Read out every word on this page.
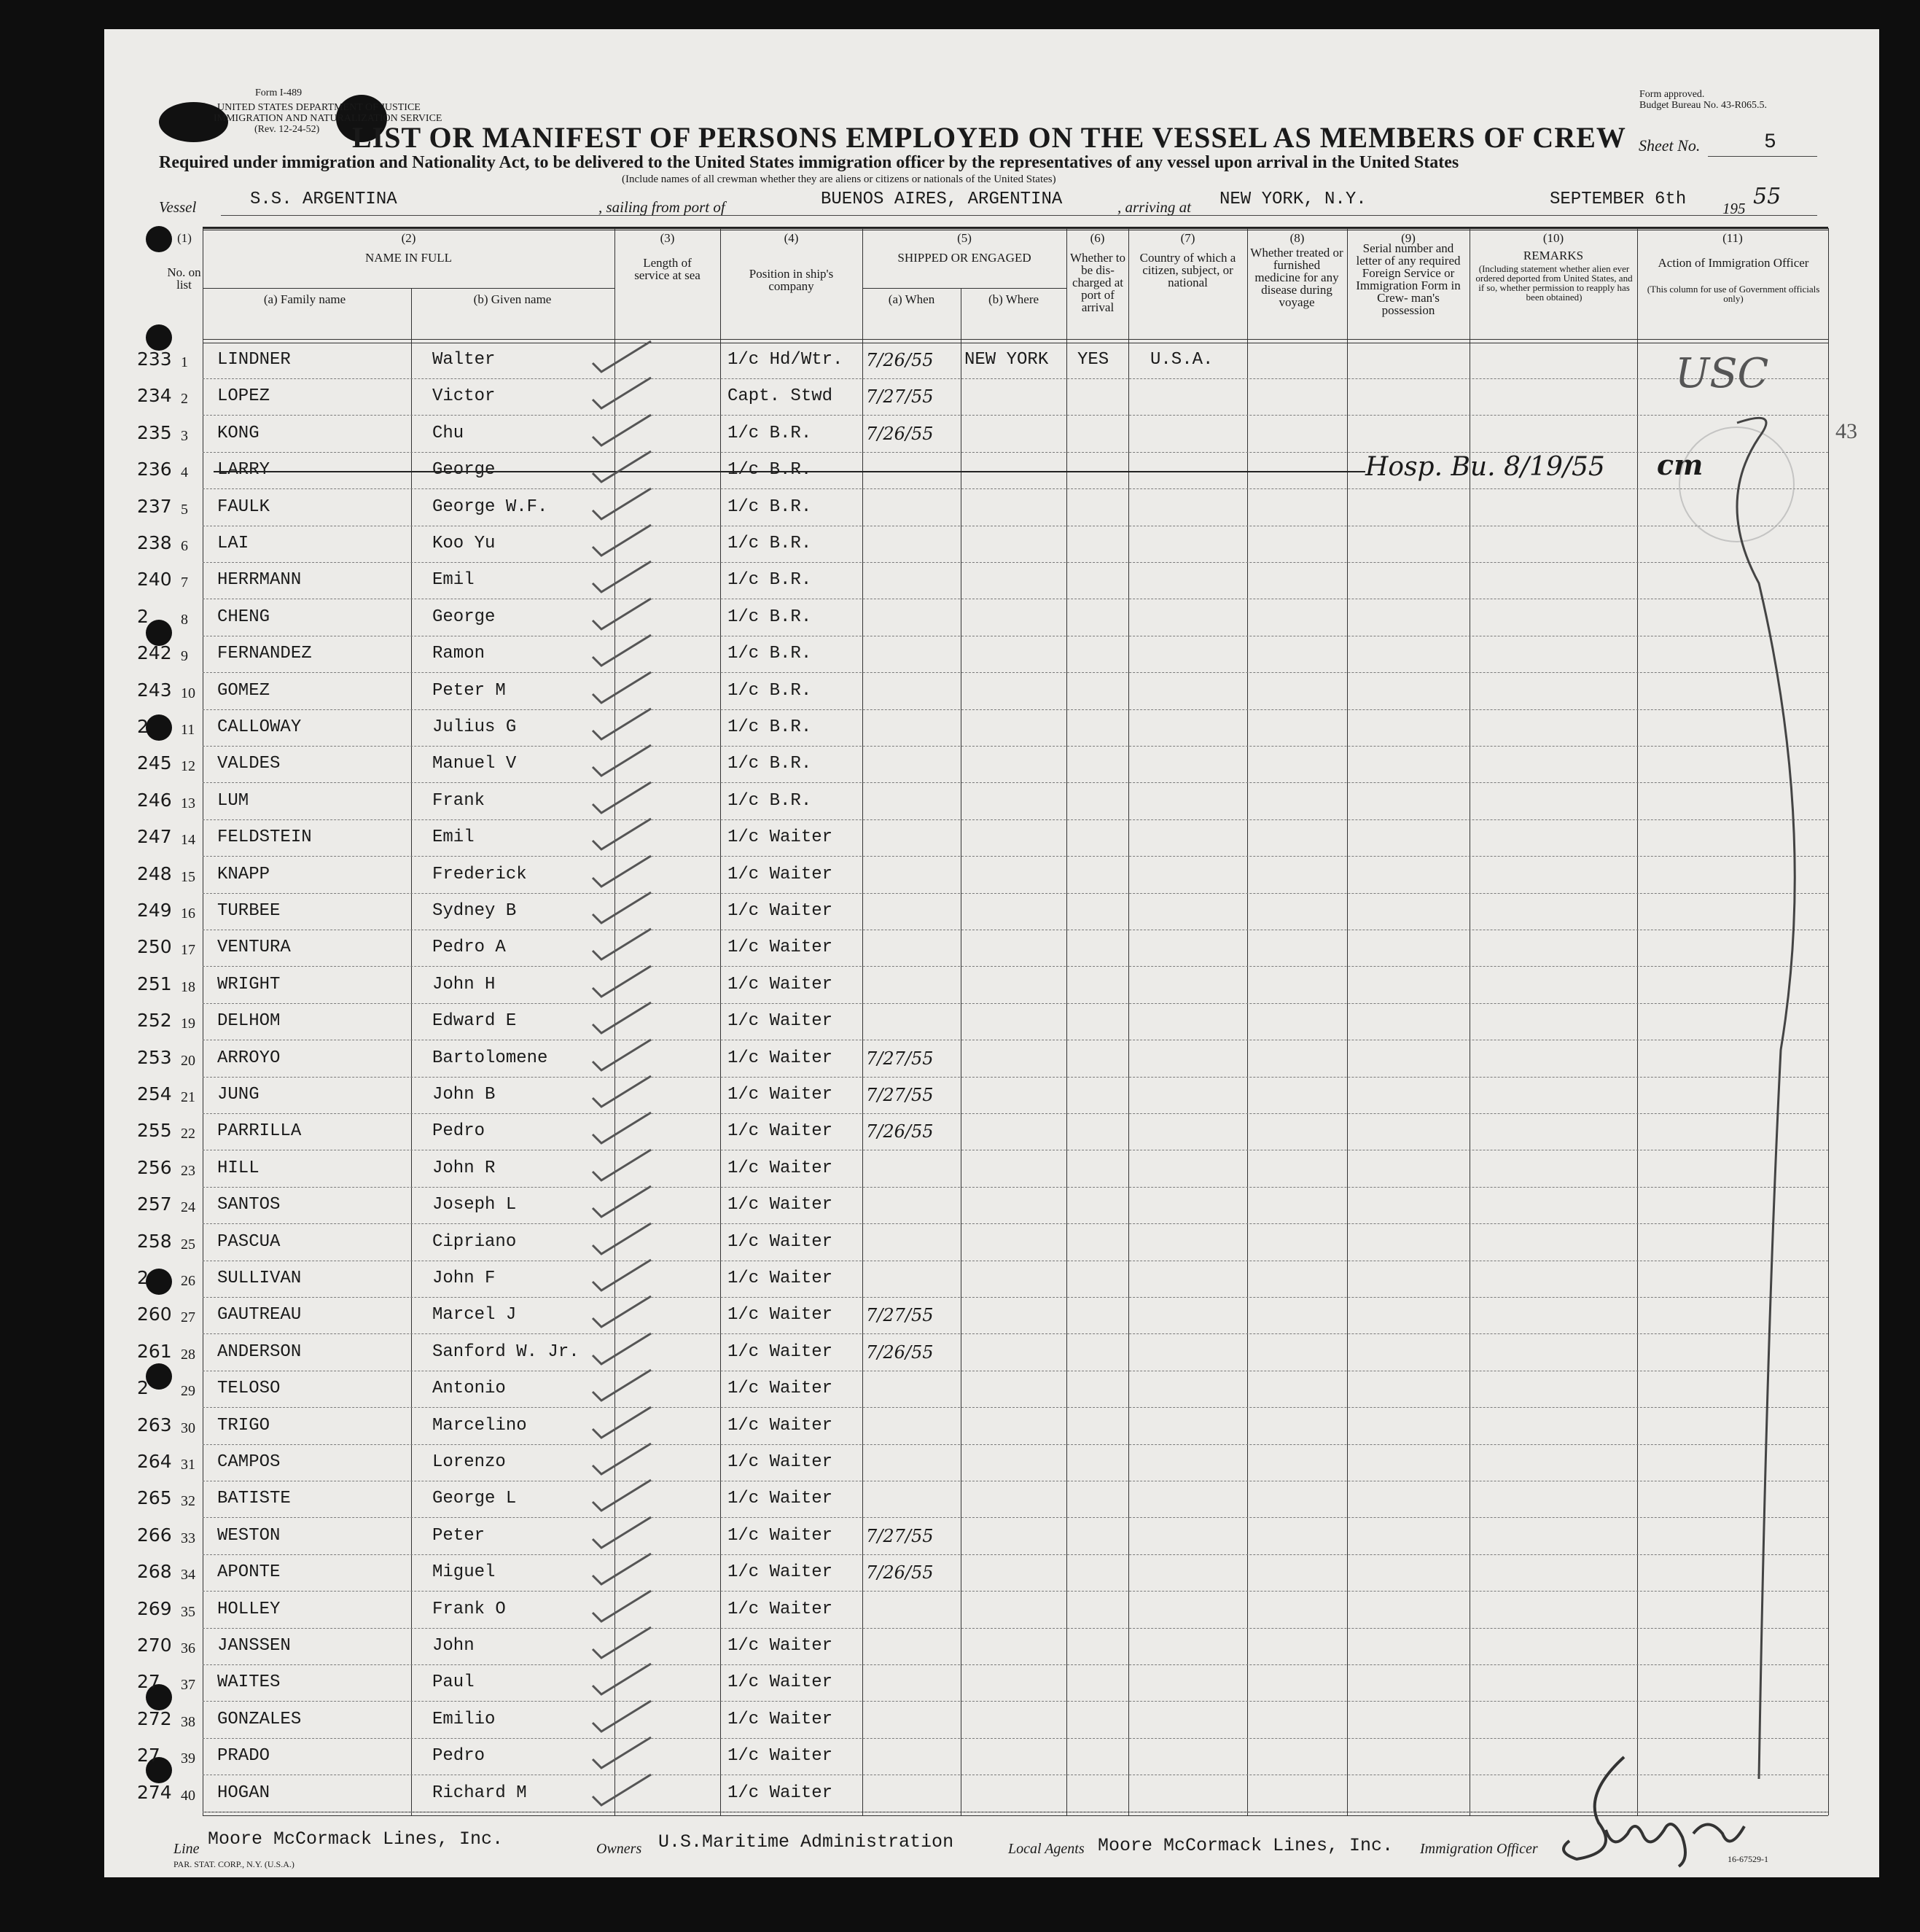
Form I-489
UNITED STATES DEPARTMENT OF JUSTICE
IMMIGRATION AND NATURALIZATION SERVICE
(Rev. 12-24-52)
Form approved.
Budget Bureau No. 43-R065.5.
LIST OR MANIFEST OF PERSONS EMPLOYED ON THE VESSEL AS MEMBERS OF CREW Sheet No.	5
Required under immigration and Nationality Act, to be delivered to the United States immigration officer by the representatives of any vessel upon arrival in the United States
(Include names of all crewman whether they are aliens or citizens or nationals of the United States)
Vessel	S.S. ARGENTINA	, sailing from port of	BUENOS AIRES, ARGENTINA	, arriving at NEW YORK, N.Y.	SEPTEMBER 6th 195 55
(1)
No. on list
(2)
NAME IN FULL
(a) Family name	(b) Given name
(3)
Length of service at sea
(4)
Position in ship's company
(5)
SHIPPED OR ENGAGED
(a) When	(b) Where
(6)
Whether to be dis- charged at port of arrival
(7)
Country of which a citizen, subject, or national
(8)
Whether treated or furnished medicine for any disease during voyage
(9)
Serial number and letter of any required Foreign Service or Immigration Form in Crew- man's possession
(10)
REMARKS
(Including statement whether alien ever ordered deported from United States, and if so, whether permission to reapply has been obtained)
(11)
Action of Immigration Officer
(This column for use of Government officials only)
233 1 LINDNER	Walter	1/c Hd/Wtr. 7/26/55 NEW YORK YES U.S.A.
234 2 LOPEZ	Victor	Capt. Stwd 7/27/55
235 3 KONG	Chu	1/c B.R.	7/26/55
236 4 LARRY	George	1/c B.R.
237 5 FAULK	George W.F.	1/c B.R.
238 6 LAI	Koo Yu	1/c B.R.
240 7 HERRMANN	Emil	1/c B.R.
2 8 CHENG	George	1/c B.R.
242 9 FERNANDEZ	Ramon	1/c B.R.
243 10 GOMEZ	Peter M	1/c B.R.
2 11 CALLOWAY	Julius G	1/c B.R.
245 12 VALDES	Manuel V	1/c B.R.
246 13 LUM	Frank	1/c B.R.
247 14 FELDSTEIN	Emil	1/c Waiter
248 15 KNAPP	Frederick	1/c Waiter
249 16 TURBEE	Sydney B	1/c Waiter
250 17 VENTURA	Pedro A	1/c Waiter
251 18 WRIGHT	John H	1/c Waiter
252 19 DELHOM	Edward E	1/c Waiter
253 20 ARROYO	Bartolomene	1/c Waiter 7/27/55
254 21 JUNG	John B	1/c Waiter 7/27/55
255 22 PARRILLA	Pedro	1/c Waiter 7/26/55
256 23 HILL	John R	1/c Waiter
257 24 SANTOS	Joseph L	1/c Waiter
258 25 PASCUA	Cipriano	1/c Waiter
2 26 SULLIVAN	John F	1/c Waiter
260 27 GAUTREAU	Marcel J	1/c Waiter 7/27/55
261 28 ANDERSON	Sanford W. Jr.	1/c Waiter 7/26/55
2 29 TELOSO	Antonio	1/c Waiter
263 30 TRIGO	Marcelino	1/c Waiter
264 31 CAMPOS	Lorenzo	1/c Waiter
265 32 BATISTE	George L	1/c Waiter
266 33 WESTON	Peter	1/c Waiter 7/27/55
268 34 APONTE	Miguel	1/c Waiter 7/26/55
269 35 HOLLEY	Frank O	1/c Waiter
270 36 JANSSEN	John	1/c Waiter
27 37 WAITES	Paul	1/c Waiter
272 38 GONZALES	Emilio	1/c Waiter
27 39 PRADO	Pedro	1/c Waiter
274 40 HOGAN	Richard M	1/c Waiter
Hosp. Bu. 8/19/55 cm
USC
43
Line Moore McCormack Lines, Inc.	Owners U.S.Maritime Administration	Local Agents Moore McCormack Lines, Inc. Immigration Officer
PAR. STAT. CORP., N.Y. (U.S.A.)	16-67529-1
